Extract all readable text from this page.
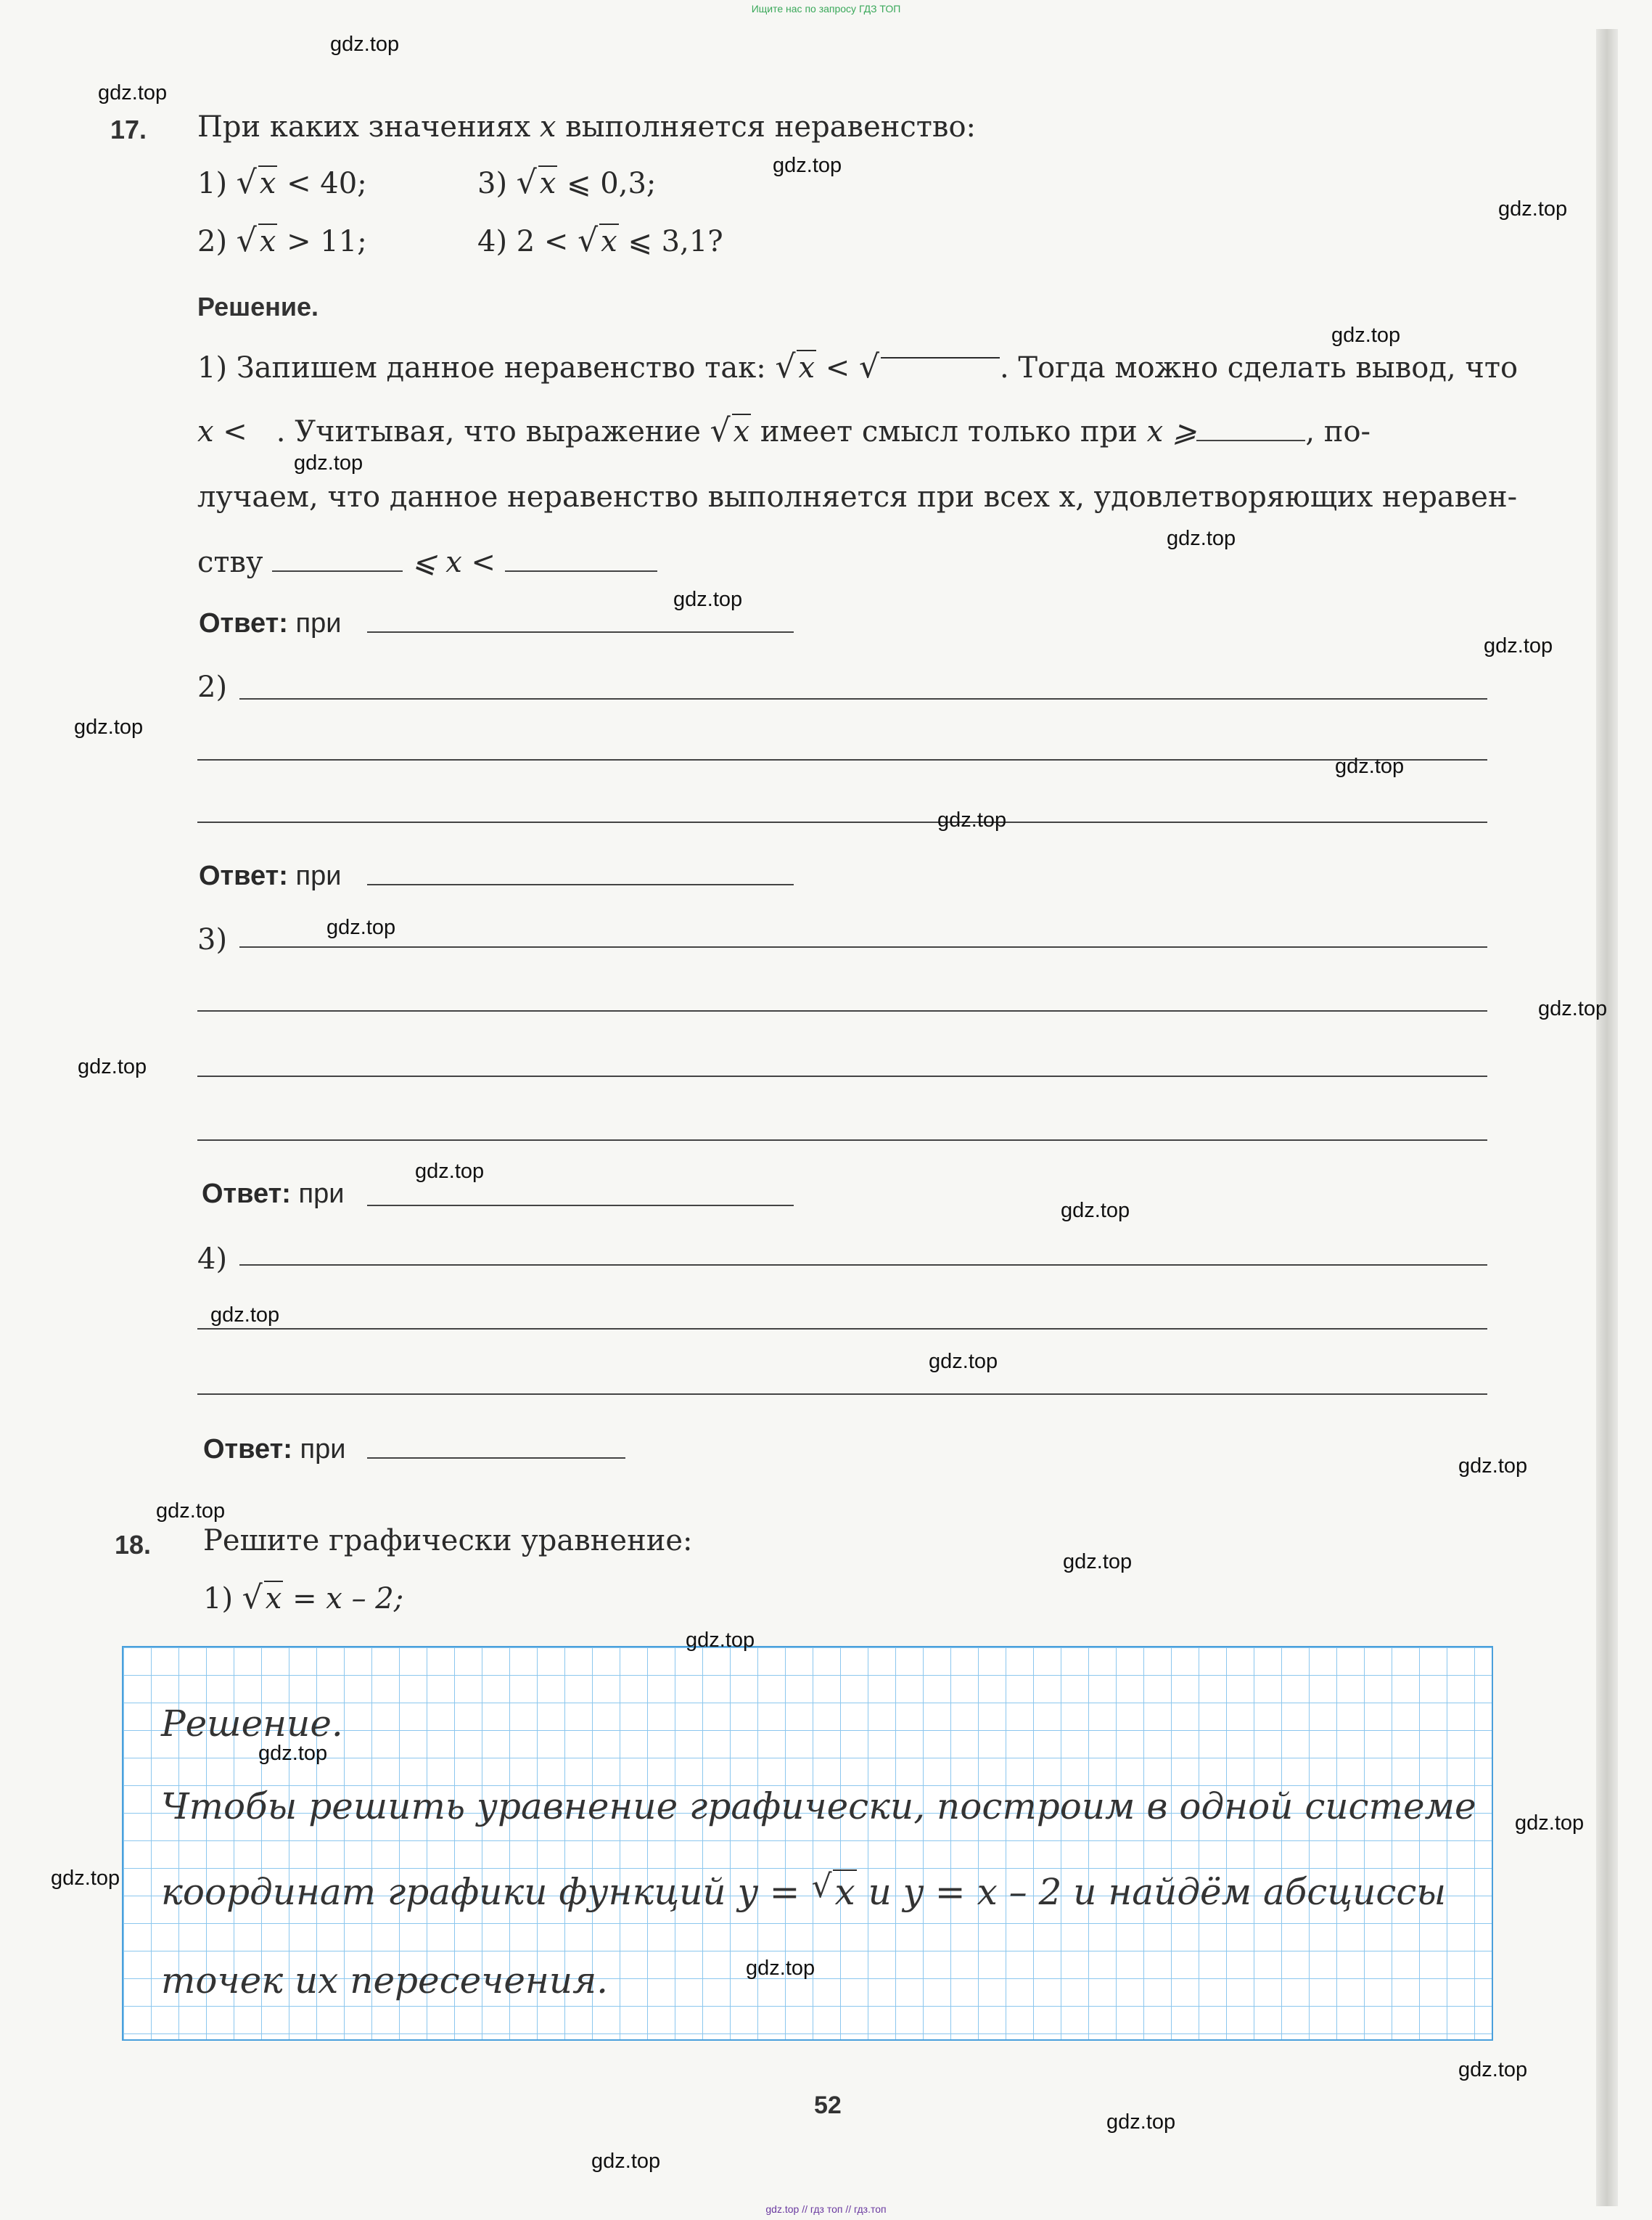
Ищите нас по запросу ГДЗ ТОП
17. При каких значениях x выполняется неравенство:
1) √ x < 40;	3) √ x ⩽ 0,3;
2) √ x > 11;	4) 2 < √ x ⩽ 3,1?
Решение.
1) Запишем данное неравенство так: √ x < √	. Тогда можно сделать вывод, что
x < . Учитывая, что выражение √ x имеет смысл только при x ⩾	, по-
лучаем, что данное неравенство выполняется при всех x, удовлетворяющих неравен-
ству	⩽ x <
Ответ: при
2)
Ответ: при
3)
Ответ: при
4)
Ответ: при
18. Решите графически уравнение:
1) √ x = x – 2;
Решение.
Чтобы решить уравнение графически, построим в одной системе
координат графики функций y = √ x и y = x – 2 и найдём абсциссы
точек их пересечения.
52
gdz.top
gdz.top
gdz.top
gdz.top
gdz.top
gdz.top
gdz.top
gdz.top
gdz.top
gdz.top
gdz.top
gdz.top
gdz.top
gdz.top
gdz.top
gdz.top
gdz.top
gdz.top
gdz.top
gdz.top
gdz.top
gdz.top
gdz.top
gdz.top
gdz.top
gdz.top
gdz.top
gdz.top
gdz.top
gdz.top
gdz.top // гдз топ // гдз.топ
